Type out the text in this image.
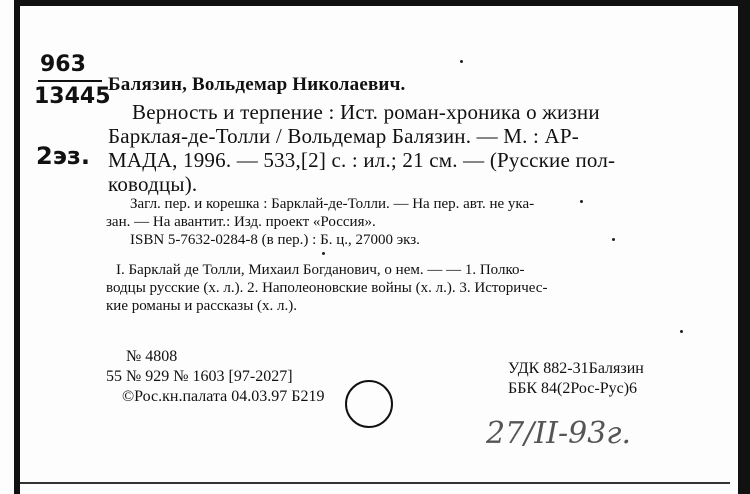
963
13445
2эз.
Балязин, Вольдемар Николаевич.
Верность и терпение : Ист. роман-хроника о жизни
Барклая-де-Толли / Вольдемар Балязин. — М. : АР-
МАДА, 1996. — 533,[2] с. : ил.; 21 см. — (Русские пол-
ководцы).
Загл. пер. и корешка : Барклай-де-Толли. — На пер. авт. не ука-
зан. — На авантит.: Изд. проект «Россия».
ISBN 5-7632-0284-8 (в пер.) : Б. ц., 27000 экз.
I. Барклай де Толли, Михаил Богданович, о нем. — — 1. Полко-
водцы русские (х. л.). 2. Наполеоновские войны (х. л.). 3. Историчес-
кие романы и рассказы (х. л.).
№ 4808
55 № 929 № 1603 [97-2027]
©Рос.кн.палата 04.03.97 Б219
УДК 882-31Балязин
ББК 84(2Рос-Рус)6
27/II-93г.
